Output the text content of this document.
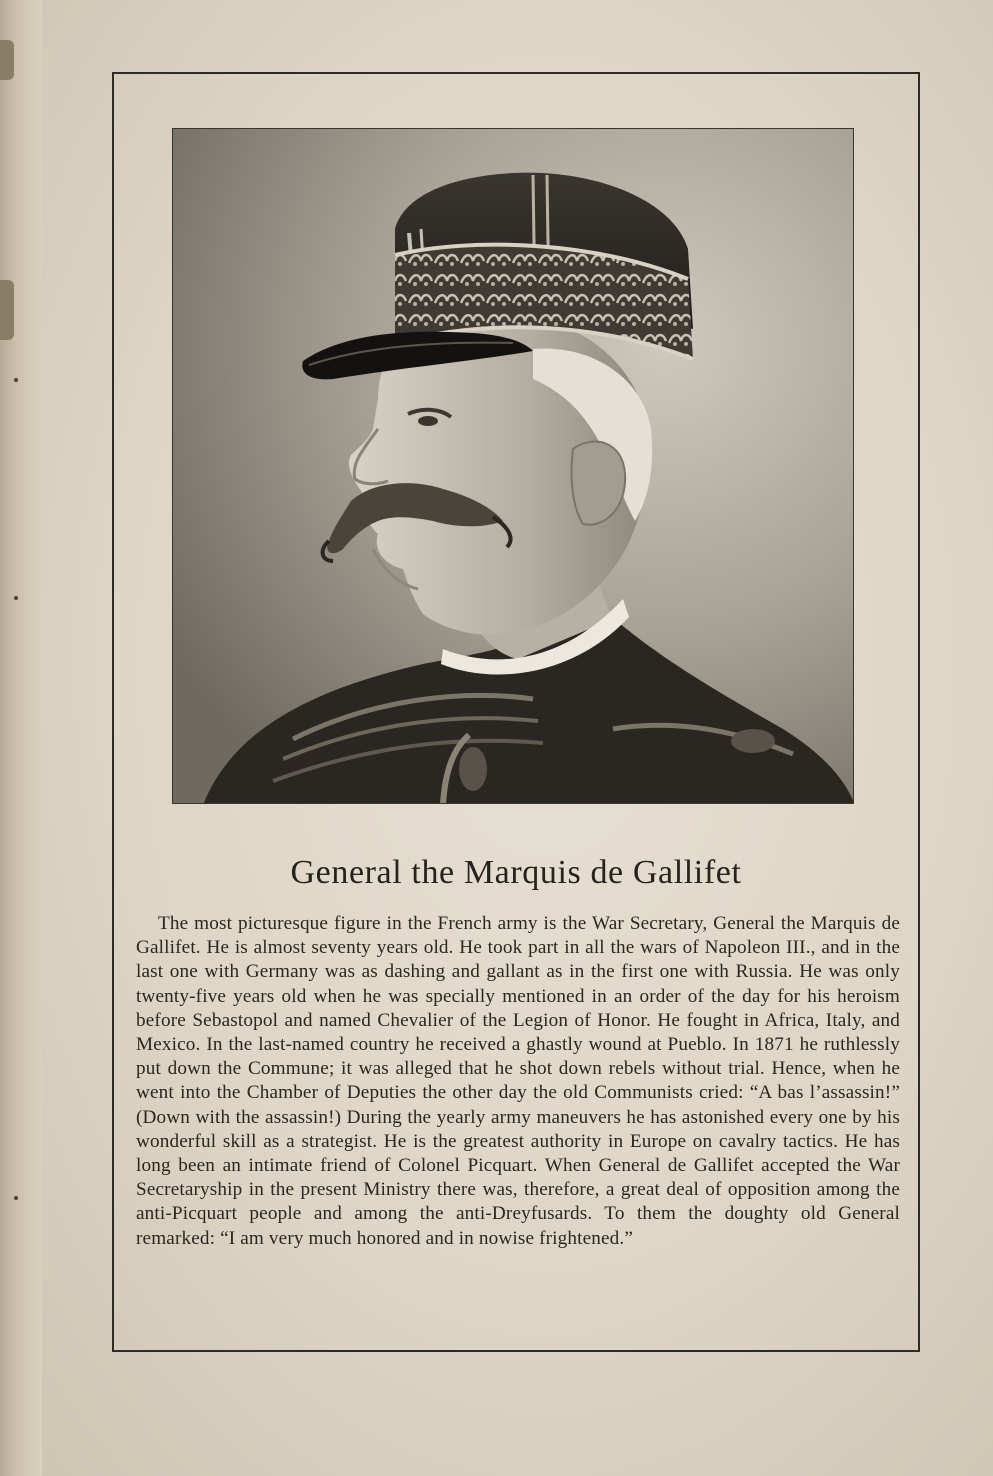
General the Marquis de Gallifet

The most picturesque figure in the French army is the War Secretary, General the Marquis de Gallifet. He is almost seventy years old. He took part in all the wars of Napoleon III., and in the last one with Germany was as dashing and gallant as in the first one with Russia. He was only twenty-five years old when he was specially mentioned in an order of the day for his heroism before Sebastopol and named Chevalier of the Legion of Honor. He fought in Africa, Italy, and Mexico. In the last-named country he received a ghastly wound at Pueblo. In 1871 he ruthlessly put down the Commune; it was alleged that he shot down rebels without trial. Hence, when he went into the Chamber of Deputies the other day the old Communists cried: “A bas l’assassin!” (Down with the assassin!) During the yearly army maneuvers he has astonished every one by his wonderful skill as a strategist. He is the greatest authority in Europe on cavalry tactics. He has long been an intimate friend of Colonel Picquart. When General de Gallifet accepted the War Secretaryship in the present Ministry there was, therefore, a great deal of opposition among the anti-Picquart people and among the anti-Dreyfusards. To them the doughty old General remarked: “I am very much honored and in nowise frightened.”
